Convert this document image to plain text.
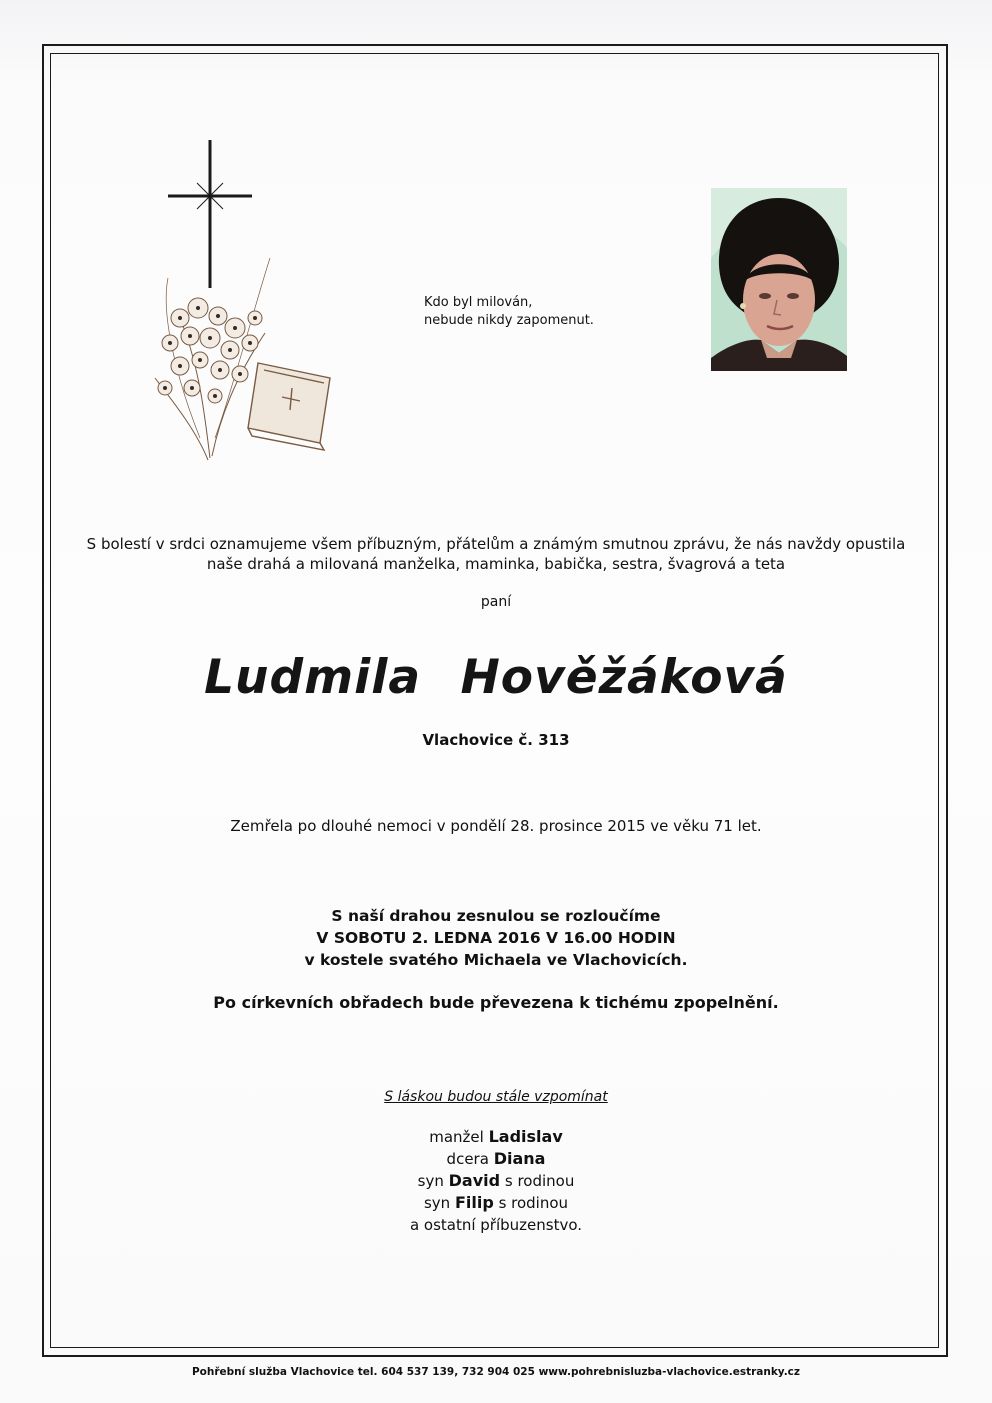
Kdo byl milován,
nebude nikdy zapomenut.
S bolestí v srdci oznamujeme všem příbuzným, přátelům a známým smutnou zprávu, že nás navždy opustila
naše drahá a milovaná manželka, maminka, babička, sestra, švagrová a teta
paní
Ludmila Hověžáková
Vlachovice č. 313
Zemřela po dlouhé nemoci v pondělí 28. prosince 2015 ve věku 71 let.
S naší drahou zesnulou se rozloučíme
V SOBOTU 2. LEDNA 2016 V 16.00 HODIN
v kostele svatého Michaela ve Vlachovicích.
Po církevních obřadech bude převezena k tichému zpopelnění.
S láskou budou stále vzpomínat
manžel Ladislav
dcera Diana
syn David s rodinou
syn Filip s rodinou
a ostatní příbuzenstvo.
Pohřební služba Vlachovice tel. 604 537 139, 732 904 025 www.pohrebnisluzba-vlachovice.estranky.cz
